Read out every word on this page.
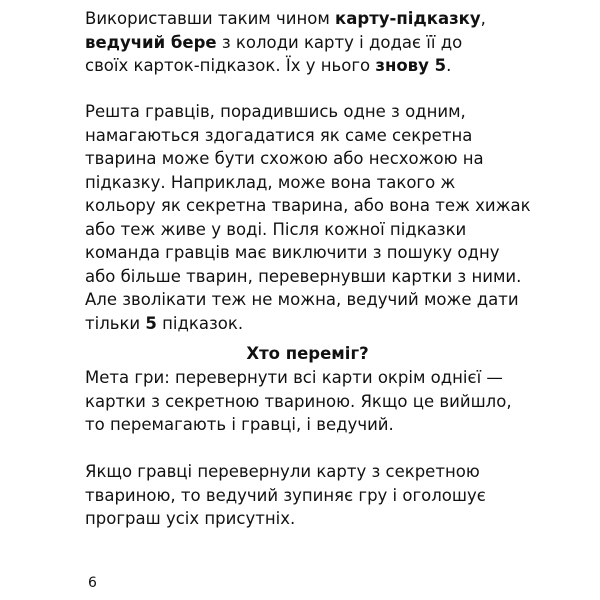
Використавши таким чином карту-підказку,
ведучий бере з колоди карту і додає її до
своїх карток-підказок. Їх у нього знову 5.
Решта гравців, порадившись одне з одним,
намагаються здогадатися як саме секретна
тварина може бути схожою або несхожою на
підказку. Наприклад, може вона такого ж
кольору як секретна тварина, або вона теж хижак
або теж живе у воді. Після кожної підказки
команда гравців має виключити з пошуку одну
або більше тварин, перевернувши картки з ними.
Але зволікати теж не можна, ведучий може дати
тільки 5 підказок.
Хто переміг?
Мета гри: перевернути всі карти окрім однієї —
картки з секретною твариною. Якщо це вийшло,
то перемагають і гравці, і ведучий.
Якщо гравці перевернули карту з секретною
твариною, то ведучий зупиняє гру і оголошує
програш усіх присутніх.
6
